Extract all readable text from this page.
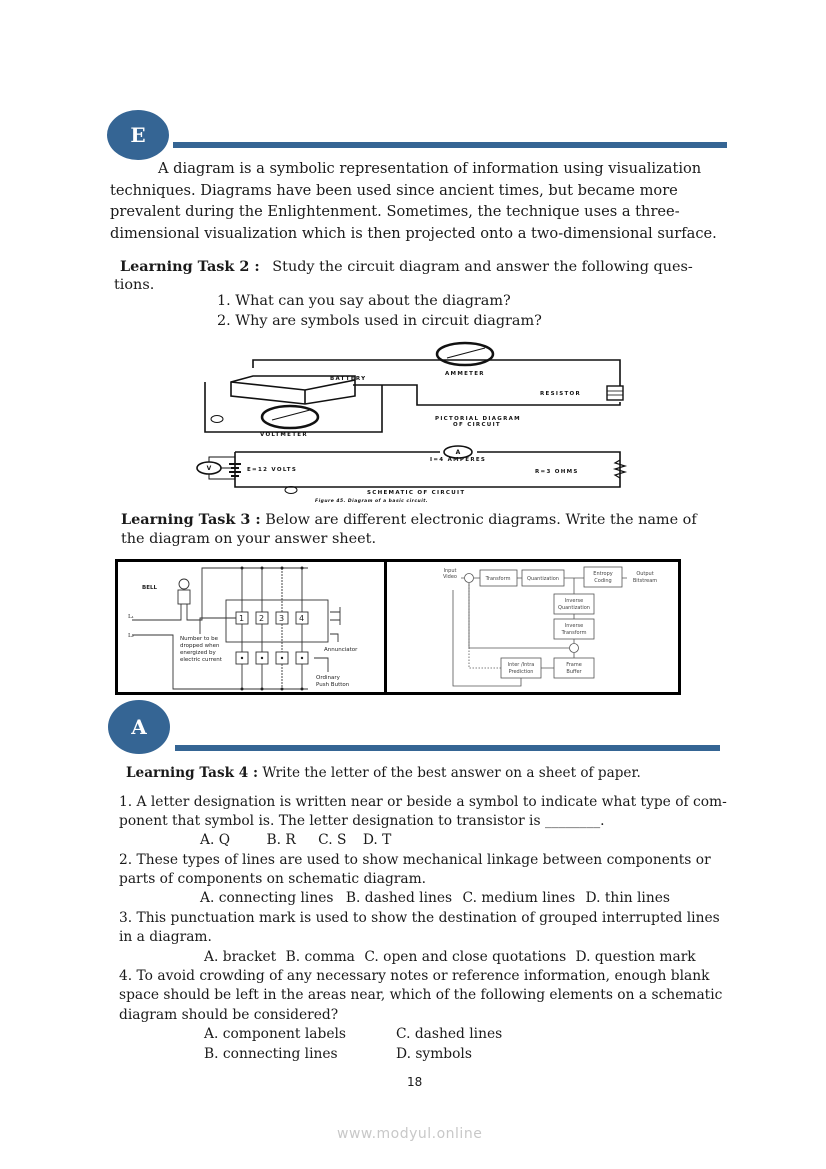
E
A diagram is a symbolic representation of information using visualization
techniques. Diagrams have been used since ancient times, but became more
prevalent during the Enlightenment. Sometimes, the technique uses a three-
dimensional visualization which is then projected onto a two-dimensional surface.
Learning Task 2 : Study the circuit diagram and answer the following ques-
tions.
1. What can you say about the diagram?
2. Why are symbols used in circuit diagram?
BATTERY
AMMETER
RESISTOR
VOLTMETER
PICTORIAL DIAGRAM
OF CIRCUIT
I=4 AMPERES
E=12 VOLTS	R=3 OHMS
SCHEMATIC OF CIRCUIT
Figure 45. Diagram of a basic circuit.
A
V
Learning Task 3 : Below are different electronic diagrams. Write the name of
the diagram on your answer sheet.
BELL
L₁
L₂
1 2 3 4
Number to be
dropped when
energized by
electric current
Annunciator
Ordinary
Push Button
Input
Video	Transform	Quantization
Entropy
Coding
Output
Bitstream
Inverse
Quantization
Inverse
Transform
Frame
Buffer
Inter /Intra
Prediction
A
Learning Task 4 : Write the letter of the best answer on a sheet of paper.
1. A letter designation is written near or beside a symbol to indicate what type of com-
ponent that symbol is. The letter designation to transistor is ________.
A. Q	B. R C. S D. T
2. These types of lines are used to show mechanical linkage between components or
parts of components on schematic diagram.
A. connecting lines B. dashed lines C. medium lines D. thin lines
3. This punctuation mark is used to show the destination of grouped interrupted lines
in a diagram.
A. bracket B. comma C. open and close quotations D. question mark
4. To avoid crowding of any necessary notes or reference information, enough blank
space should be left in the areas near, which of the following elements on a schematic
diagram should be considered?
A. component labels	C. dashed lines
B. connecting lines	D. symbols
18
www.modyul.online
